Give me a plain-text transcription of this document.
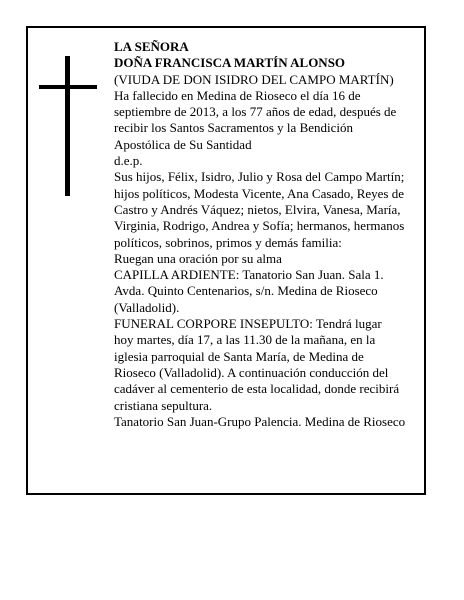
LA SEÑORA
DOÑA FRANCISCA MARTÍN ALONSO
(VIUDA DE DON ISIDRO DEL CAMPO MARTÍN)
Ha fallecido en Medina de Rioseco el día 16 de
septiembre de 2013, a los 77 años de edad, después de
recibir los Santos Sacramentos y la Bendición
Apostólica de Su Santidad
d.e.p.
Sus hijos, Félix, Isidro, Julio y Rosa del Campo Martín;
hijos políticos, Modesta Vicente, Ana Casado, Reyes de
Castro y Andrés Váquez; nietos, Elvira, Vanesa, María,
Virginia, Rodrigo, Andrea y Sofía; hermanos, hermanos
políticos, sobrinos, primos y demás familia:
Ruegan una oración por su alma
CAPILLA ARDIENTE: Tanatorio San Juan. Sala 1.
Avda. Quinto Centenarios, s/n. Medina de Rioseco
(Valladolid).
FUNERAL CORPORE INSEPULTO: Tendrá lugar
hoy martes, día 17, a las 11.30 de la mañana, en la
iglesia parroquial de Santa María, de Medina de
Rioseco (Valladolid). A continuación conducción del
cadáver al cementerio de esta localidad, donde recibirá
cristiana sepultura.
Tanatorio San Juan-Grupo Palencia. Medina de Rioseco
